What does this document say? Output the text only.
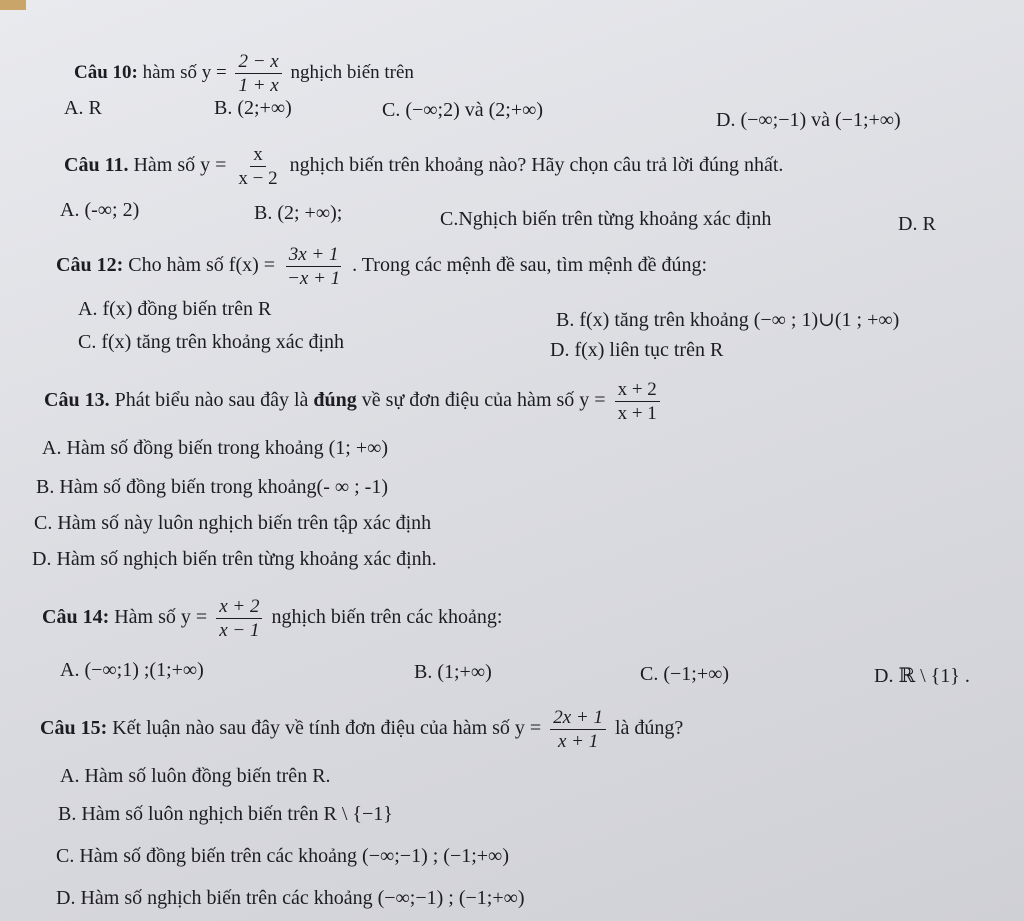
Câu 10: hàm số $y = \frac{2 - x}{1 + x}$ nghịch biến trên
A. R	B. (2;+∞)	C. (−∞;2) và (2;+∞)	D. (−∞;−1) và (−1;+∞)
Câu 11. Hàm số $y = \frac{x}{x - 2}$ nghịch biến trên khoảng nào? Hãy chọn câu trả lời đúng nhất.
A. (-∞; 2)	B. (2; +∞);	C.Nghịch biến trên từng khoảng xác định	D. R
Câu 12: Cho hàm số $f(x) = \frac{3x + 1}{-x + 1}$ . Trong các mệnh đề sau, tìm mệnh đề đúng:
A. f(x) đồng biến trên R	B. f(x) tăng trên khoảng (−∞ ; 1)∪(1 ; +∞)
C. f(x) tăng trên khoảng xác định	D. f(x) liên tục trên R
Câu 13. Phát biểu nào sau đây là đúng về sự đơn điệu của hàm số $y = \frac{x + 2}{x + 1}$
A. Hàm số đồng biến trong khoảng (1; +∞)
B. Hàm số đồng biến trong khoảng(- ∞ ; -1)
C. Hàm số này luôn nghịch biến trên tập xác định
D. Hàm số nghịch biến trên từng khoảng xác định.
Câu 14: Hàm số $y = \frac{x + 2}{x - 1}$ nghịch biến trên các khoảng:
A. (−∞;1) ;(1;+∞)	B. (1;+∞)	C. (−1;+∞)	D. ℝ \ {1} .
Câu 15: Kết luận nào sau đây về tính đơn điệu của hàm số $y = \frac{2x + 1}{x + 1}$ là đúng?
A. Hàm số luôn đồng biến trên R.
B. Hàm số luôn nghịch biến trên R \ {−1}
C. Hàm số đồng biến trên các khoảng (−∞;−1) ; (−1;+∞)
D. Hàm số nghịch biến trên các khoảng (−∞;−1) ; (−1;+∞)
